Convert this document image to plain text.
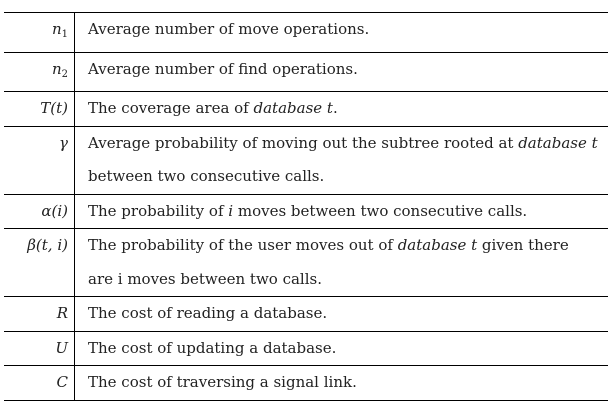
$n_1$	Average number of move operations.
$n_2$	Average number of find operations.
T(t)	The coverage area of database t.
γ	Average probability of moving out the subtree rooted at database t
between two consecutive calls.
α(i)	The probability of i moves between two consecutive calls.
β(t, i)	The probability of the user moves out of database t given there
are i moves between two calls.
R	The cost of reading a database.
U	The cost of updating a database.
C	The cost of traversing a signal link.
